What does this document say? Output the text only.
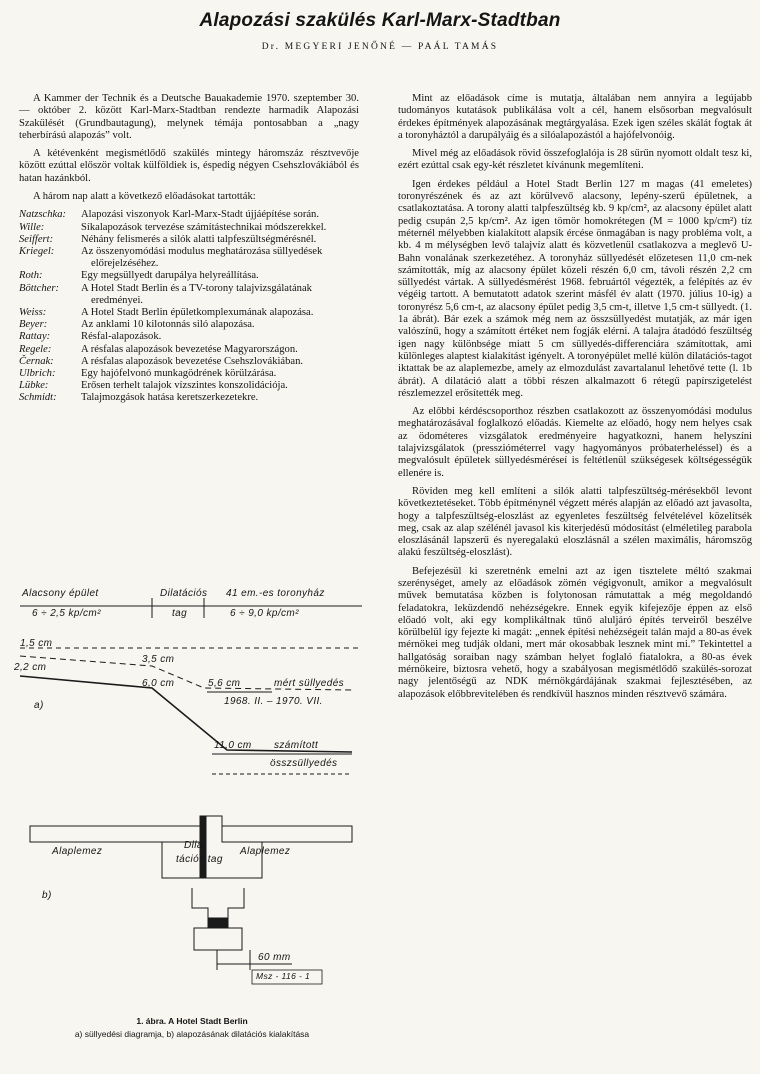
Alapozási szakülés Karl-Marx-Stadtban
Dr. MEGYERI JENŐNÉ — PAÁL TAMÁS

A Kammer der Technik és a Deutsche Bauakademie 1970. szeptember 30. — október 2. között Karl-Marx-Stadtban rendezte harmadik Alapozási Szakülését (Grundbautagung), melynek témája pontosabban a „nagy teherbírású alapozás” volt.

A kétévenként megismétlődő szakülés mintegy háromszáz résztvevője között ezúttal először voltak külföldiek is, éspedig négyen Csehszlovákiából és hatan hazánkból.

A három nap alatt a következő előadásokat tartották:

Natzschka:	Alapozási viszonyok Karl-Marx-Stadt újjáépítése során.
Wille:	Síkalapozások tervezése számítástechnikai módszerekkel.
Seiffert:	Néhány felismerés a silók alatti talpfeszültségmérésnél.
Kriegel:	Az összenyomódási modulus meghatározása süllyedések előrejelzéséhez.
Roth:	Egy megsüllyedt darupálya helyreállítása.
Böttcher:	A Hotel Stadt Berlin és a TV-torony talajvizsgálatának eredményei.
Weiss:	A Hotel Stadt Berlin épületkomplexumának alapozása.
Beyer:	Az anklami 10 kilotonnás siló alapozása.
Rattay:	Résfal-alapozások.
Regele:	A résfalas alapozások bevezetése Magyarországon.
Černak:	A résfalas alapozások bevezetése Csehszlovákiában.
Ulbrich:	Egy hajófelvonó munkagödrének körülzárása.
Lübke:	Erősen terhelt talajok vízszintes konszolidációja.
Schmidt:	Talajmozgások hatása keretszerkezetekre.
Alacsony épület
6 ÷ 2,5 kp/cm²
Dilatációs
tag
41 em.-es toronyház
6 ÷ 9,0 kp/cm²
1,5 cm
2,2 cm
3,5 cm
6,0 cm	5,6 cm	mért süllyedés
1968. II. – 1970. VII.
a)
11,0 cm számított
összsüllyedés
Alaplemez
Dila-
tációs tag
Alaplemez
b)
60 mm
Msz - 116 - 1
1. ábra. A Hotel Stadt Berlin
a) süllyedési diagramja, b) alapozásának dilatációs kialakítása

Mint az előadások címe is mutatja, általában nem annyira a legújabb tudományos kutatások publikálása volt a cél, hanem elsősorban megvalósult érdekes építmények alapozásának megtárgyalása. Ezek igen széles skálát fogtak át a toronyháztól a darupályáig és a silóalapozástól a hajófelvonóig.

Mivel még az előadások rövid összefoglalója is 28 sűrűn nyomott oldalt tesz ki, ezért ezúttal csak egy-két részletet kívánunk megemlíteni.

Igen érdekes például a Hotel Stadt Berlin 127 m magas (41 emeletes) toronyrészének és az azt körülvevő alacsony, lepény-szerű épületnek, a csatlakoztatása. A torony alatti talpfeszültség kb. 9 kp/cm², az alacsony épület alatt pedig csupán 2,5 kp/cm². Az igen tömör homokrétegen (M = 1000 kp/cm²) tíz méternél mélyebben kialakított alapsík ércése önmagában is nagy probléma volt, a kb. 4 m mélységben levő talajvíz alatt és közvetlenül csatlakozva a meglevő U-Bahn vonalának szerkezetéhez. A toronyház süllyedését előzetesen 11,0 cm-nek számították, míg az alacsony épület közeli részén 6,0 cm, távoli részén 2,2 cm süllyedést vártak. A süllyedésmérést 1968. februártól végezték, a felépítés az év végéig tartott. A bemutatott adatok szerint másfél év alatt (1970. július 10-ig) a toronyrész 5,6 cm-t, az alacsony épület pedig 3,5 cm-t, illetve 1,5 cm-t süllyedt. (1. 1a ábrát). Bár ezek a számok még nem az összsüllyedést mutatják, az már igen valószínű, hogy a számított értéket nem fogják elérni. A talajra átadódó feszültség igen nagy különbsége miatt 5 cm süllyedés-differenciára számítottak, ami különleges alaptest kialakítást igényelt. A toronyépület mellé külön dilatációs-tagot iktattak be az alaplemezbe, amely az elmozdulást zavartalanul lehetővé tette (l. 1b ábrát). A dilatáció alatt a többi részen alkalmazott 6 rétegű papírszigetelést részlemezzel erősítették meg.

Az előbbi kérdéscsoporthoz részben csatlakozott az összenyomódási modulus meghatározásával foglalkozó előadás. Kiemelte az előadó, hogy nem helyes csak az ödométeres vizsgálatok eredményeire hagyatkozni, hanem helyszíni talajvizsgálatok (presszióméterrel vagy hagyományos próbaterheléssel) és a megvalósult épületek süllyedésméréseí is feltétlenül szükségesek költségességük ellenére is.

Röviden meg kell említeni a silók alatti talpfeszültség-mérésekből levont következtetéseket. Több építménynél végzett mérés alapján az előadó azt javasolta, hogy a talpfeszültség-eloszlást az egyenletes feszültség felvételével közelítsék meg, csak az alap szélénél javasol kis kiterjedésű módosítást (elméletileg parabola eloszlásánál lapszerű és nyeregalakú eloszlásnál a szélen maximális, háromszög alakú feszültség-eloszlást).

Befejezésül ki szeretnénk emelni azt az igen tisztelete méltó szakmai szerénységet, amely az előadások zömén végigvonult, amikor a megvalósult művek bemutatása közben is folytonosan rámutattak a még megoldandó feladatokra, leküzdendő nehézségekre. Ennek egyik kifejezője éppen az első előadó volt, aki egy komplikáltnak tűnő aluljáró építés terveiről beszélve körülbelül így fejezte ki magát: „ennek építési nehézségeit talán majd a 80-as évek mérnökei meg tudják oldani, mert már okosabbak lesznek mint mi.” Tekintettel a hallgatóság soraiban nagy számban helyet foglaló fiatalokra, a 80-as évek mérnökeire, biztosra vehető, hogy a szabályosan megismétlődő szakülés-sorozat nagy jelentőségű az NDK mérnökgárdájának szakmai fejlesztésében, az alapozások előbbrevitelében és rendkívül hasznos minden résztvevő számára.
